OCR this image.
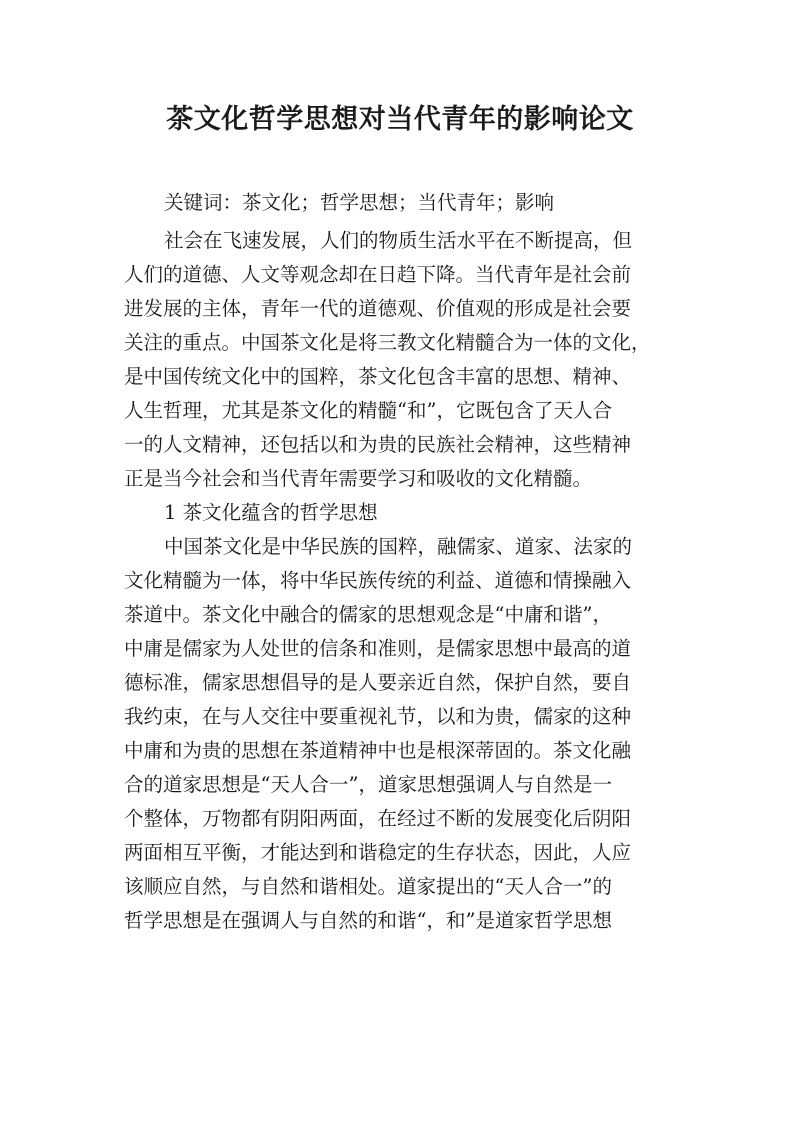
茶文化哲学思想对当代青年的影响论文

关键词：茶文化；哲学思想；当代青年；影响

社会在飞速发展，人们的物质生活水平在不断提高，但

人们的道德、人文等观念却在日趋下降。当代青年是社会前

进发展的主体，青年一代的道德观、价值观的形成是社会要

关注的重点。中国茶文化是将三教文化精髓合为一体的文化，

是中国传统文化中的国粹，茶文化包含丰富的思想、精神、

人生哲理，尤其是茶文化的精髓“和”，它既包含了天人合

一的人文精神，还包括以和为贵的民族社会精神，这些精神

正是当今社会和当代青年需要学习和吸收的文化精髓。

1 茶文化蕴含的哲学思想

中国茶文化是中华民族的国粹，融儒家、道家、法家的

文化精髓为一体，将中华民族传统的利益、道德和情操融入

茶道中。茶文化中融合的儒家的思想观念是“中庸和谐”，

中庸是儒家为人处世的信条和准则，是儒家思想中最高的道

德标准，儒家思想倡导的是人要亲近自然，保护自然，要自

我约束，在与人交往中要重视礼节，以和为贵，儒家的这种

中庸和为贵的思想在茶道精神中也是根深蒂固的。茶文化融

合的道家思想是“天人合一”，道家思想强调人与自然是一

个整体，万物都有阴阳两面，在经过不断的发展变化后阴阳

两面相互平衡，才能达到和谐稳定的生存状态，因此，人应

该顺应自然，与自然和谐相处。道家提出的“天人合一”的

哲学思想是在强调人与自然的和谐“，和”是道家哲学思想
